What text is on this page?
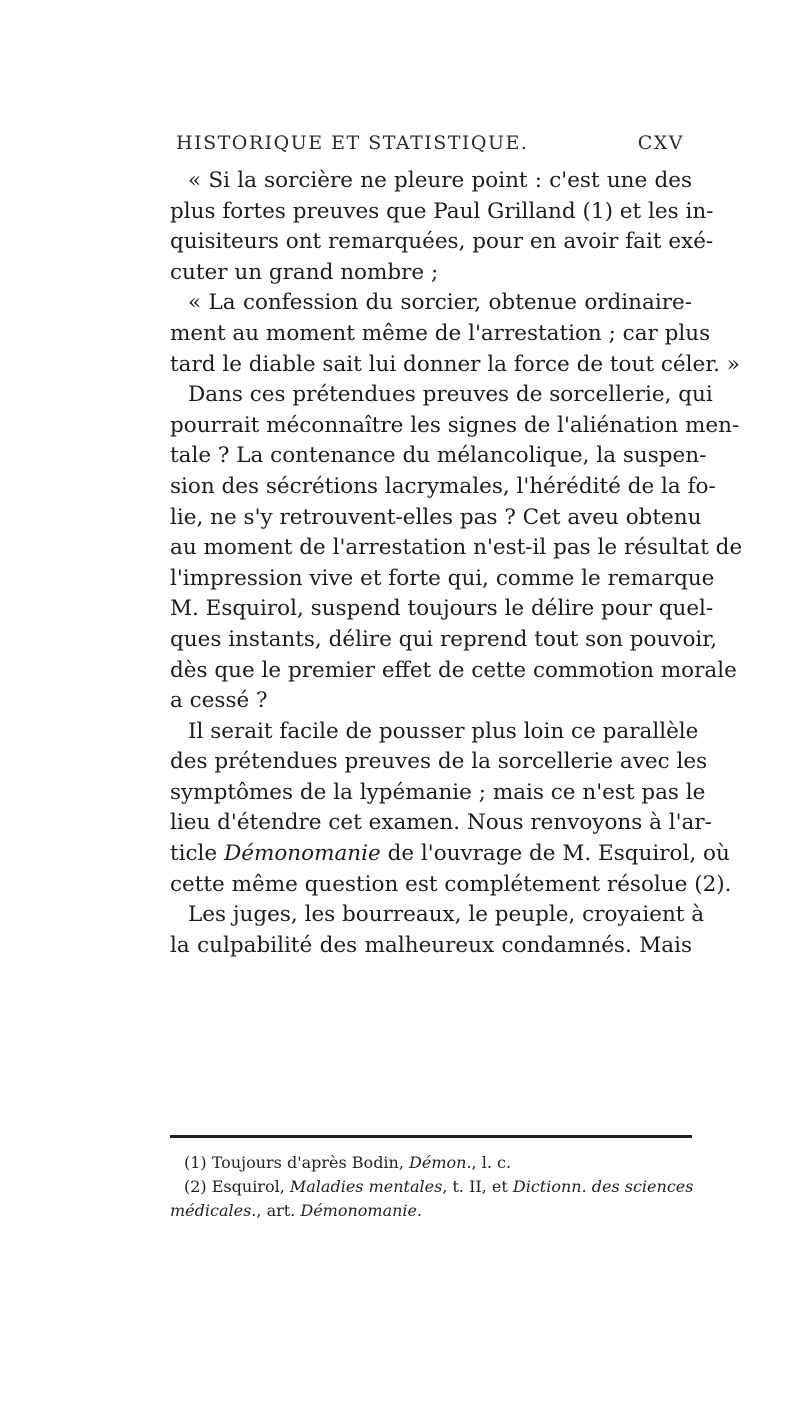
HISTORIQUE ET STATISTIQUE.	CXV
« Si la sorcière ne pleure point : c'est une des
plus fortes preuves que Paul Grilland (1) et les in-
quisiteurs ont remarquées, pour en avoir fait exé-
cuter un grand nombre ;
« La confession du sorcier, obtenue ordinaire-
ment au moment même de l'arrestation ; car plus
tard le diable sait lui donner la force de tout céler. »
Dans ces prétendues preuves de sorcellerie, qui
pourrait méconnaître les signes de l'aliénation men-
tale ? La contenance du mélancolique, la suspen-
sion des sécrétions lacrymales, l'hérédité de la fo-
lie, ne s'y retrouvent-elles pas ? Cet aveu obtenu
au moment de l'arrestation n'est-il pas le résultat de
l'impression vive et forte qui, comme le remarque
M. Esquirol, suspend toujours le délire pour quel-
ques instants, délire qui reprend tout son pouvoir,
dès que le premier effet de cette commotion morale
a cessé ?
Il serait facile de pousser plus loin ce parallèle
des prétendues preuves de la sorcellerie avec les
symptômes de la lypémanie ; mais ce n'est pas le
lieu d'étendre cet examen. Nous renvoyons à l'ar-
ticle Démonomanie de l'ouvrage de M. Esquirol, où
cette même question est complétement résolue (2).
Les juges, les bourreaux, le peuple, croyaient à
la culpabilité des malheureux condamnés. Mais
(1) Toujours d'après Bodin, Démon., l. c.
(2) Esquirol, Maladies mentales, t. II, et Dictionn. des sciences
médicales., art. Démonomanie.
